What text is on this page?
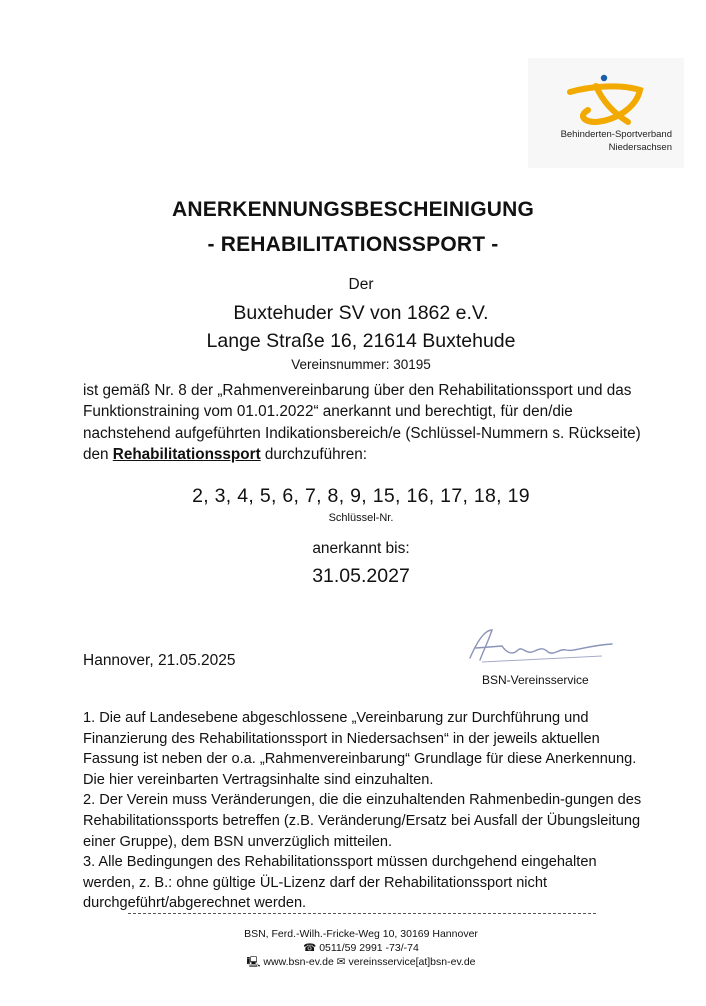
Behinderten-Sportverband
Niedersachsen
ANERKENNUNGSBESCHEINIGUNG
- REHABILITATIONSSPORT -
Der
Buxtehuder SV von 1862 e.V.
Lange Straße 16, 21614 Buxtehude
Vereinsnummer: 30195
ist gemäß Nr. 8 der „Rahmenvereinbarung über den Rehabilitationssport und das Funktionstraining vom 01.01.2022“ anerkannt und berechtigt, für den/die nachstehend aufgeführten Indikationsbereich/e (Schlüssel-Nummern s. Rückseite) den Rehabilitationssport durchzuführen:
2, 3, 4, 5, 6, 7, 8, 9, 15, 16, 17, 18, 19
Schlüssel-Nr.
anerkannt bis:
31.05.2027
Hannover, 21.05.2025
BSN-Vereinsservice

1. Die auf Landesebene abgeschlossene „Vereinbarung zur Durchführung und Finanzierung des Rehabilitationssport in Niedersachsen“ in der jeweils aktuellen Fassung ist neben der o.a. „Rahmenvereinbarung“ Grundlage für diese Anerkennung. Die hier vereinbarten Vertragsinhalte sind einzuhalten.

2. Der Verein muss Veränderungen, die die einzuhaltenden Rahmenbedin-gungen des Rehabilitationssports betreffen (z.B. Veränderung/Ersatz bei Ausfall der Übungsleitung einer Gruppe), dem BSN unverzüglich mitteilen.

3. Alle Bedingungen des Rehabilitationssport müssen durchgehend eingehalten werden, z. B.: ohne gültige ÜL-Lizenz darf der Rehabilitationssport nicht durchgeführt/abgerechnet werden.

BSN, Ferd.-Wilh.-Fricke-Weg 10, 30169 Hannover
☎ 0511/59 2991 -73/-74
🖳 www.bsn-ev.de ✉ vereinsservice[at]bsn-ev.de
